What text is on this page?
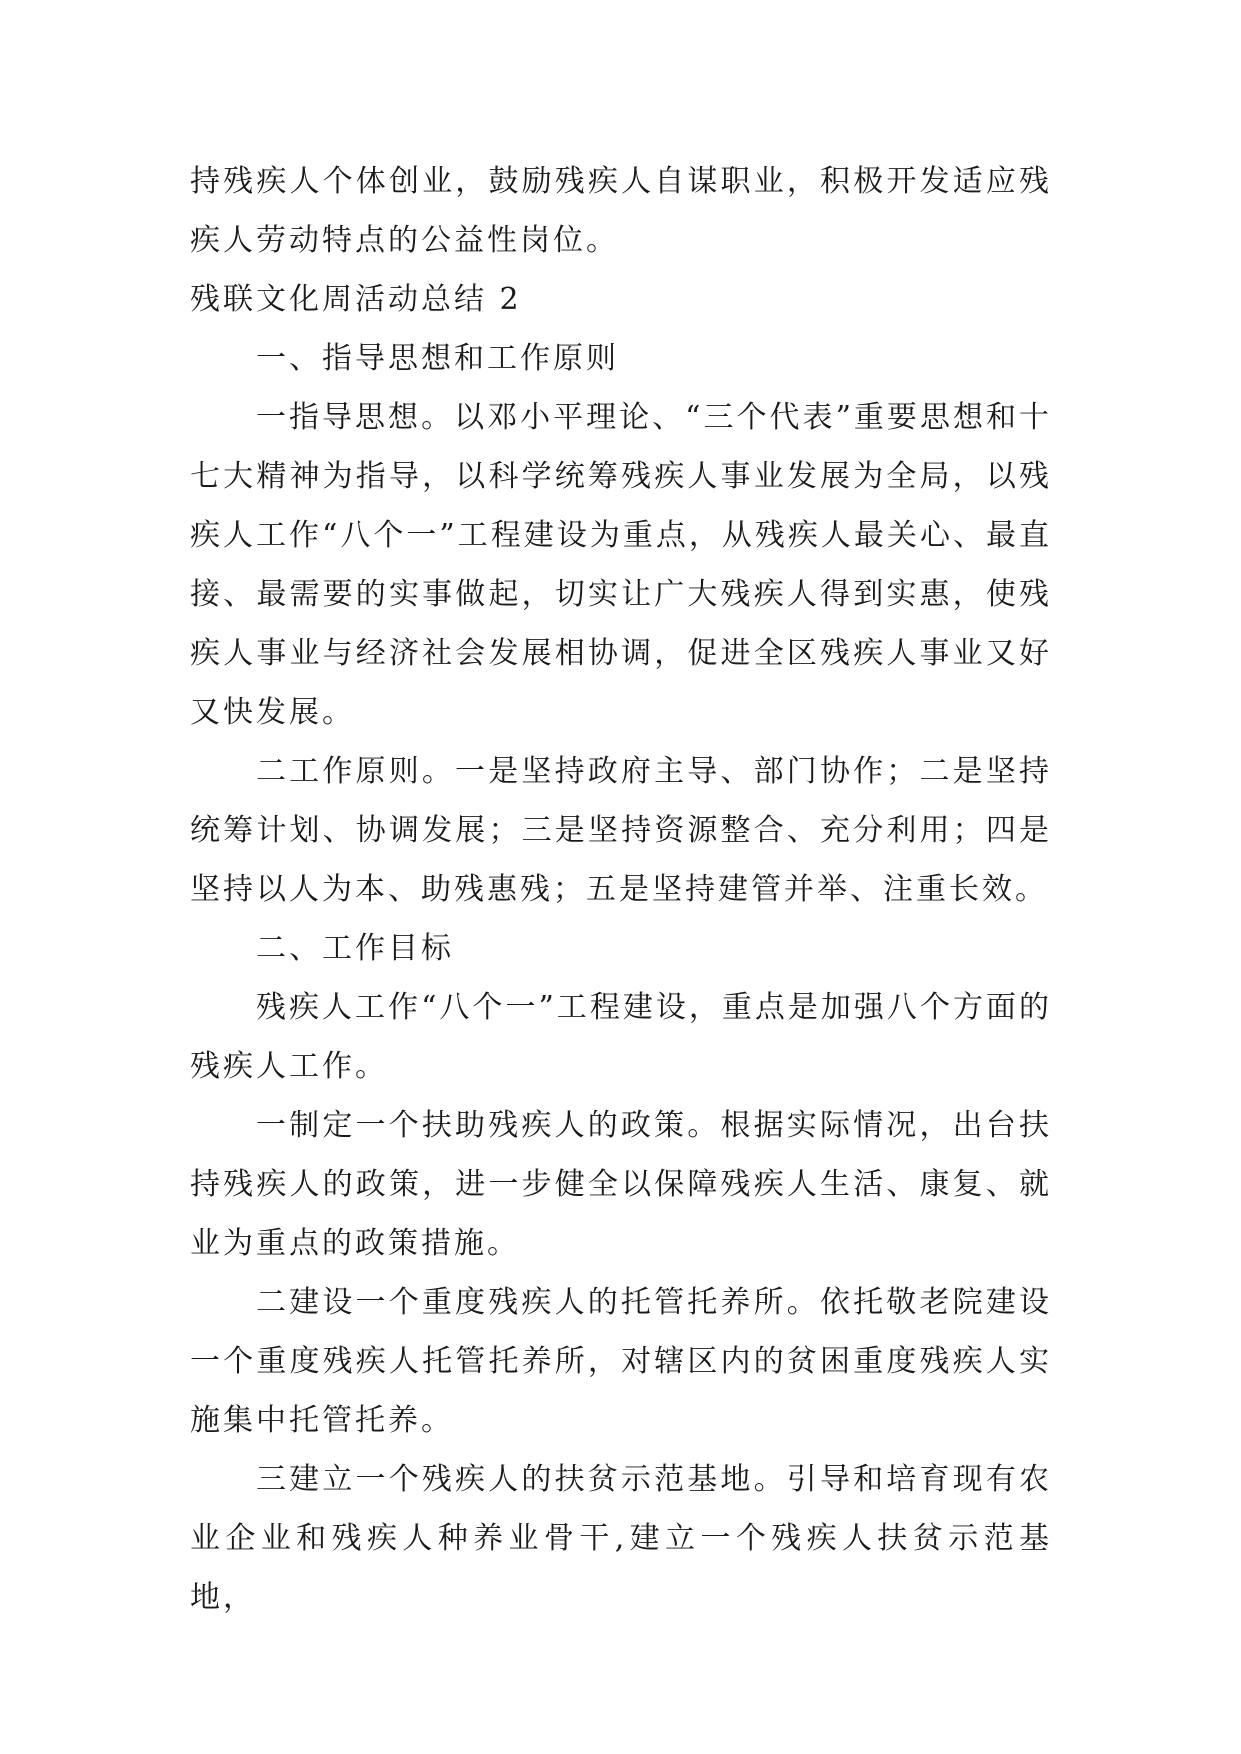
持残疾人个体创业，鼓励残疾人自谋职业，积极开发适应残疾人劳动特点的公益性岗位。

残联文化周活动总结 2

一、指导思想和工作原则

一指导思想。以邓小平理论、“三个代表”重要思想和十七大精神为指导，以科学统筹残疾人事业发展为全局，以残疾人工作“八个一”工程建设为重点，从残疾人最关心、最直接、最需要的实事做起，切实让广大残疾人得到实惠，使残疾人事业与经济社会发展相协调，促进全区残疾人事业又好又快发展。

二工作原则。一是坚持政府主导、部门协作；二是坚持统筹计划、协调发展；三是坚持资源整合、充分利用；四是坚持以人为本、助残惠残；五是坚持建管并举、注重长效。

二、工作目标

残疾人工作“八个一”工程建设，重点是加强八个方面的残疾人工作。

一制定一个扶助残疾人的政策。根据实际情况，出台扶持残疾人的政策，进一步健全以保障残疾人生活、康复、就业为重点的政策措施。

二建设一个重度残疾人的托管托养所。依托敬老院建设一个重度残疾人托管托养所，对辖区内的贫困重度残疾人实施集中托管托养。

三建立一个残疾人的扶贫示范基地。引导和培育现有农业企业和残疾人种养业骨干,建立一个残疾人扶贫示范基地，
